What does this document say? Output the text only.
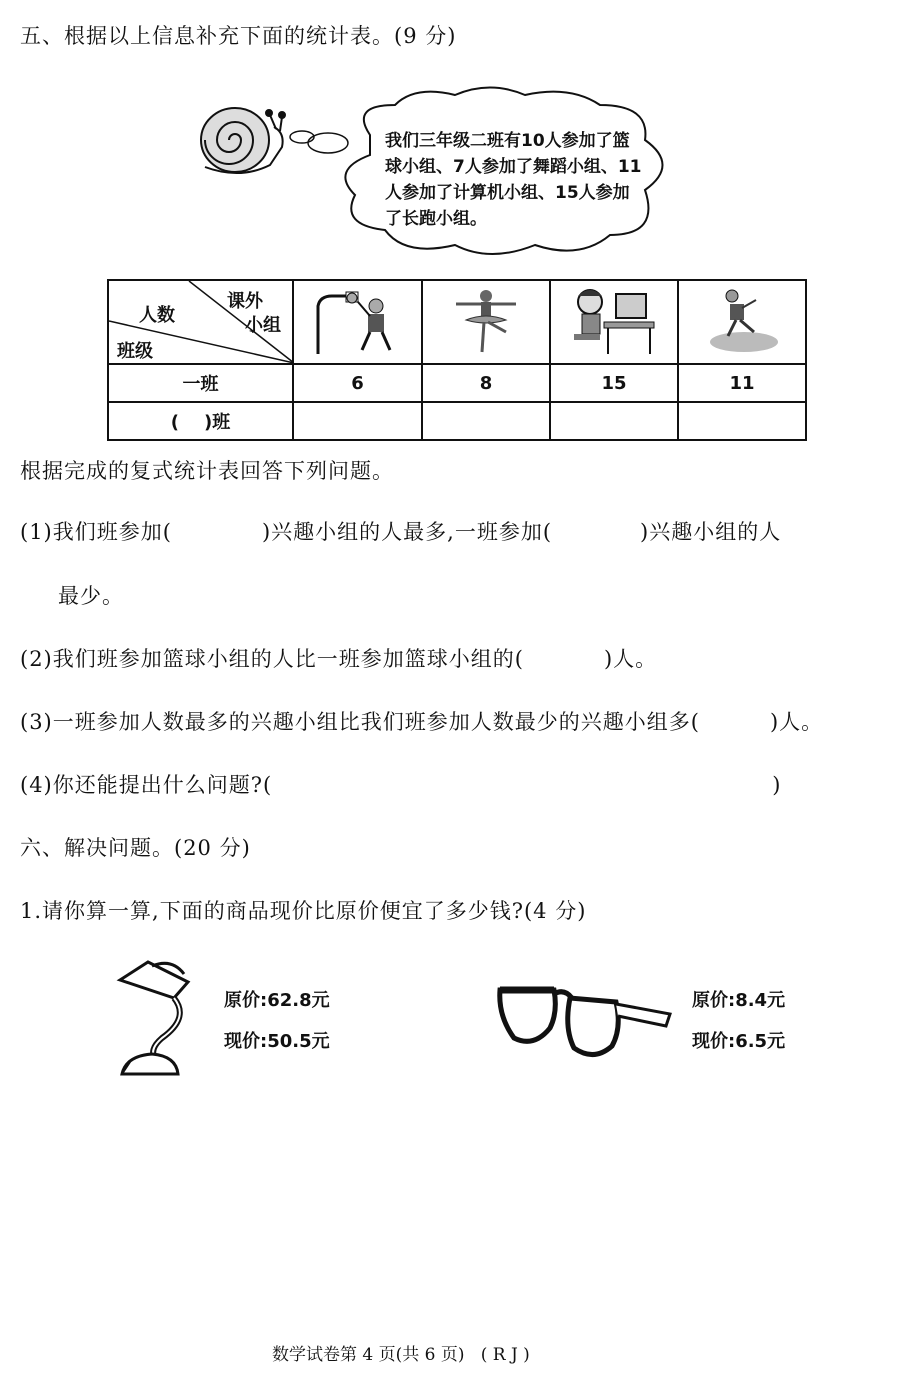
五、根据以上信息补充下面的统计表。(9 分)
我们三年级二班有10人参加了篮
球小组、7人参加了舞蹈小组、11
人参加了计算机小组、15人参加
了长跑小组。
课外
小组
人数
班级

一班	6	8	15	11
(    )班				
根据完成的复式统计表回答下列问题。
(1)我们班参加(	)兴趣小组的人最多,一班参加(	)兴趣小组的人
最少。
(2)我们班参加篮球小组的人比一班参加篮球小组的(	)人。
(3)一班参加人数最多的兴趣小组比我们班参加人数最少的兴趣小组多(	)人。
(4)你还能提出什么问题?(	)
六、解决问题。(20 分)
1.请你算一算,下面的商品现价比原价便宜了多少钱?(4 分)
原价:62.8元
现价:50.5元
原价:8.4元
现价:6.5元
数学试卷第 4 页(共 6 页)   ( R J )
